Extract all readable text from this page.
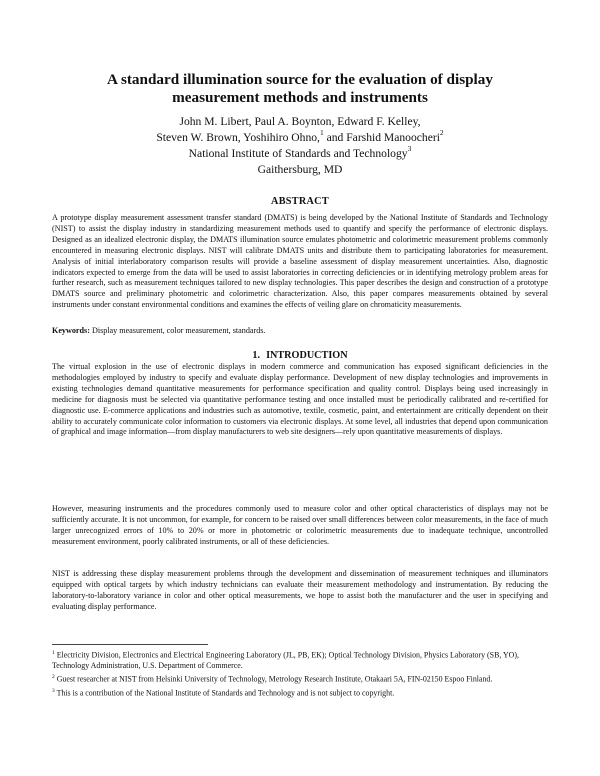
A standard illumination source for the evaluation of display
measurement methods and instruments
John M. Libert, Paul A. Boynton, Edward F. Kelley,
Steven W. Brown, Yoshihiro Ohno,$^1$ and Farshid Manoocheri$^2$
National Institute of Standards and Technology$^3$
Gaithersburg, MD
ABSTRACT

A prototype display measurement assessment transfer standard (DMATS) is being developed by the National Institute of Standards and Technology (NIST) to assist the display industry in standardizing measurement methods used to quantify and specify the performance of electronic displays. Designed as an idealized electronic display, the DMATS illumination source emulates photometric and colorimetric measurement problems commonly encountered in measuring electronic displays. NIST will calibrate DMATS units and distribute them to participating laboratories for measurement. Analysis of initial interlaboratory comparison results will provide a baseline assessment of display measurement uncertainties. Also, diagnostic indicators expected to emerge from the data will be used to assist laboratories in correcting deficiencies or in identifying metrology problem areas for further research, such as measurement techniques tailored to new display technologies. This paper describes the design and construction of a prototype DMATS source and preliminary photometric and colorimetric characterization. Also, this paper compares measurements obtained by several instruments under constant environmental conditions and examines the effects of veiling glare on chromaticity measurements.

Keywords: Display measurement, color measurement, standards.

1. INTRODUCTION

The virtual explosion in the use of electronic displays in modern commerce and communication has exposed significant deficiencies in the methodologies employed by industry to specify and evaluate display performance. Development of new display technologies and improvements in existing technologies demand quantitative measurements for performance specification and quality control. Displays being used increasingly in medicine for diagnosis must be selected via quantitative performance testing and once installed must be periodically calibrated and re-certified for diagnostic use. E-commerce applications and industries such as automotive, textile, cosmetic, paint, and entertainment are critically dependent on their ability to accurately communicate color information to customers via electronic displays. At some level, all industries that depend upon communication of graphical and image information—from display manufacturers to web site designers—rely upon quantitative measurements of displays.

However, measuring instruments and the procedures commonly used to measure color and other optical characteristics of displays may not be sufficiently accurate. It is not uncommon, for example, for concern to be raised over small differences between color measurements, in the face of much larger unrecognized errors of 10% to 20% or more in photometric or colorimetric measurements due to inadequate technique, uncontrolled measurement environment, poorly calibrated instruments, or all of these deficiencies.

NIST is addressing these display measurement problems through the development and dissemination of measurement techniques and illuminators equipped with optical targets by which industry technicians can evaluate their measurement methodology and instrumentation. By reducing the laboratory-to-laboratory variance in color and other optical measurements, we hope to assist both the manufacturer and the user in specifying and evaluating display performance.

$^1$ Electricity Division, Electronics and Electrical Engineering Laboratory (JL, PB, EK); Optical Technology Division, Physics Laboratory (SB, YO), Technology Administration, U.S. Department of Commerce.

$^2$ Guest researcher at NIST from Helsinki University of Technology, Metrology Research Institute, Otakaari 5A, FIN-02150 Espoo Finland.

$^3$ This is a contribution of the National Institute of Standards and Technology and is not subject to copyright.
